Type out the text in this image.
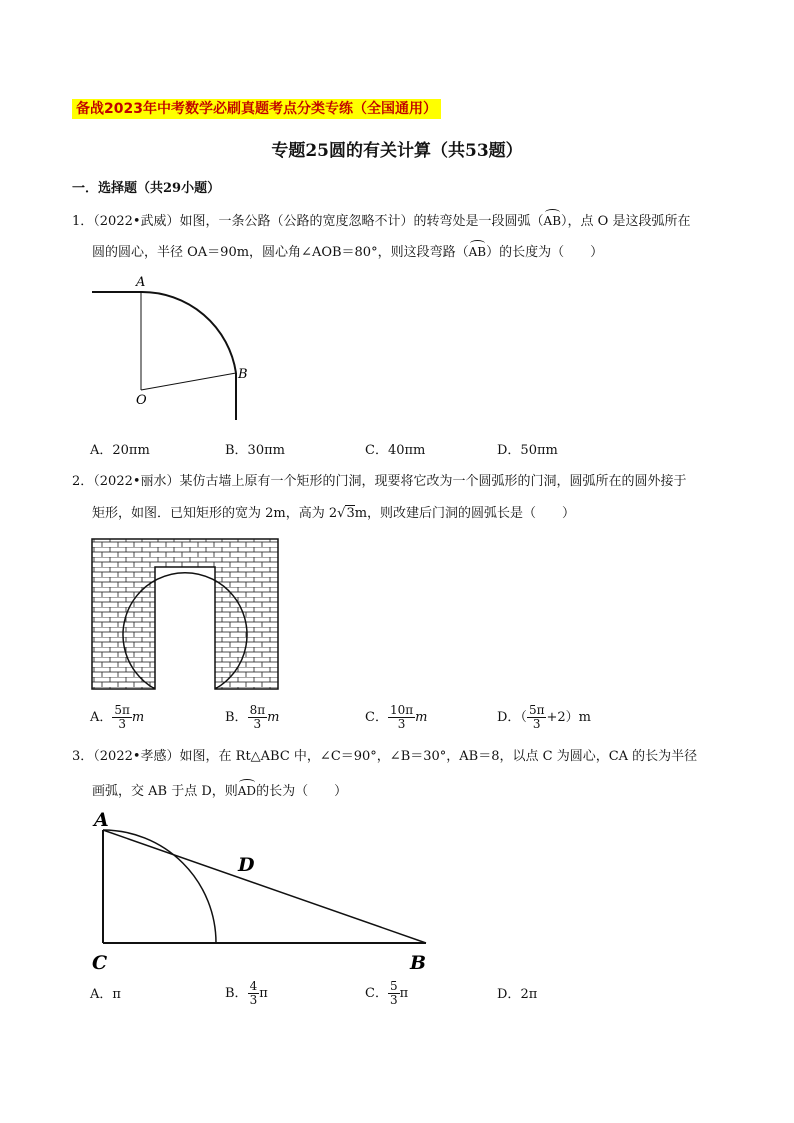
备战2023年中考数学必刷真题考点分类专练（全国通用）
专题25圆的有关计算（共53题）
一．选择题（共29小题）
1．（2022•武威）如图，一条公路（公路的宽度忽略不计）的转弯处是一段圆弧（AB），点 O 是这段弧所在
圆的圆心，半径 OA＝90m，圆心角∠AOB＝80°，则这段弯路（AB）的长度为（　　）
A
B
O
A．20πm	B．30πm	C．40πm	D．50πm
2．（2022•丽水）某仿古墙上原有一个矩形的门洞，现要将它改为一个圆弧形的门洞，圆弧所在的圆外接于
矩形，如图．已知矩形的宽为 2m，高为 2√3m，则改建后门洞的圆弧长是（　　）
A． $\frac{5\pi}{3}$ m	B． $\frac{8\pi}{3}$ m	C． $\frac{10\pi}{3}$ m	D．（ $\frac{5\pi}{3} +2)m$
3．（2022•孝感）如图，在 Rt△ABC 中，∠C＝90°，∠B＝30°，AB＝8，以点 C 为圆心，CA 的长为半径
画弧，交 AB 于点 D，则AD的长为（　　）
A
D
C	B
A．π	B． $\frac{4}{3}$ π	C． $\frac{5}{3}$ π	D．2π
